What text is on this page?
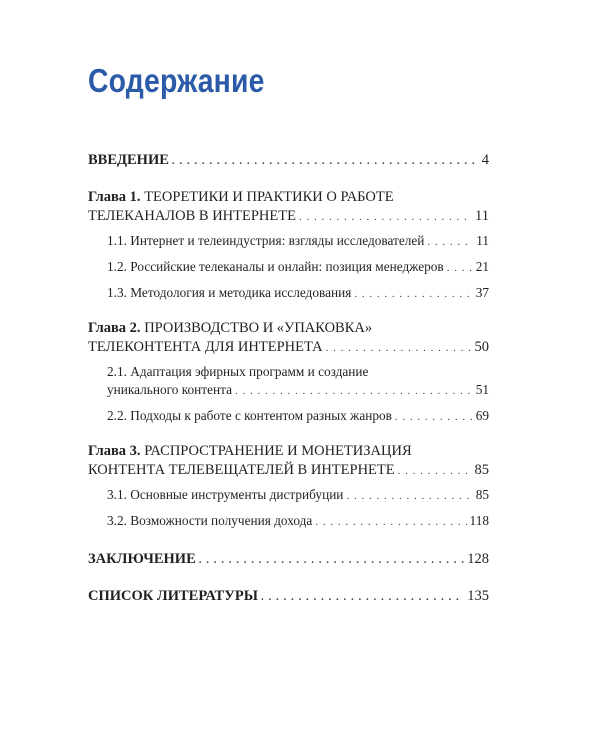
Содержание
ВВЕДЕНИЕ . . .	4
Глава 1. ТЕОРЕТИКИ И ПРАКТИКИ О РАБОТЕ
ТЕЛЕКАНАЛОВ В ИНТЕРНЕТЕ . . .	11
1.1. Интернет и телеиндустрия: взгляды исследователей . . .	11
1.2. Российские телеканалы и онлайн: позиция менеджеров . . . 21
1.3. Методология и методика исследования . . .	37
Глава 2. ПРОИЗВОДСТВО И «УПАКОВКА»
ТЕЛЕКОНТЕНТА ДЛЯ ИНТЕРНЕТА . . .	50
2.1. Адаптация эфирных программ и создание
уникального контента . . .	51
2.2. Подходы к работе с контентом разных жанров . . .	69
Глава 3. РАСПРОСТРАНЕНИЕ И МОНЕТИЗАЦИЯ
КОНТЕНТА ТЕЛЕВЕЩАТЕЛЕЙ В ИНТЕРНЕТЕ . . .	85
3.1. Основные инструменты дистрибуции . . .	85
3.2. Возможности получения дохода . . .	118
ЗАКЛЮЧЕНИЕ . . .	128
СПИСОК ЛИТЕРАТУРЫ . . .	135
